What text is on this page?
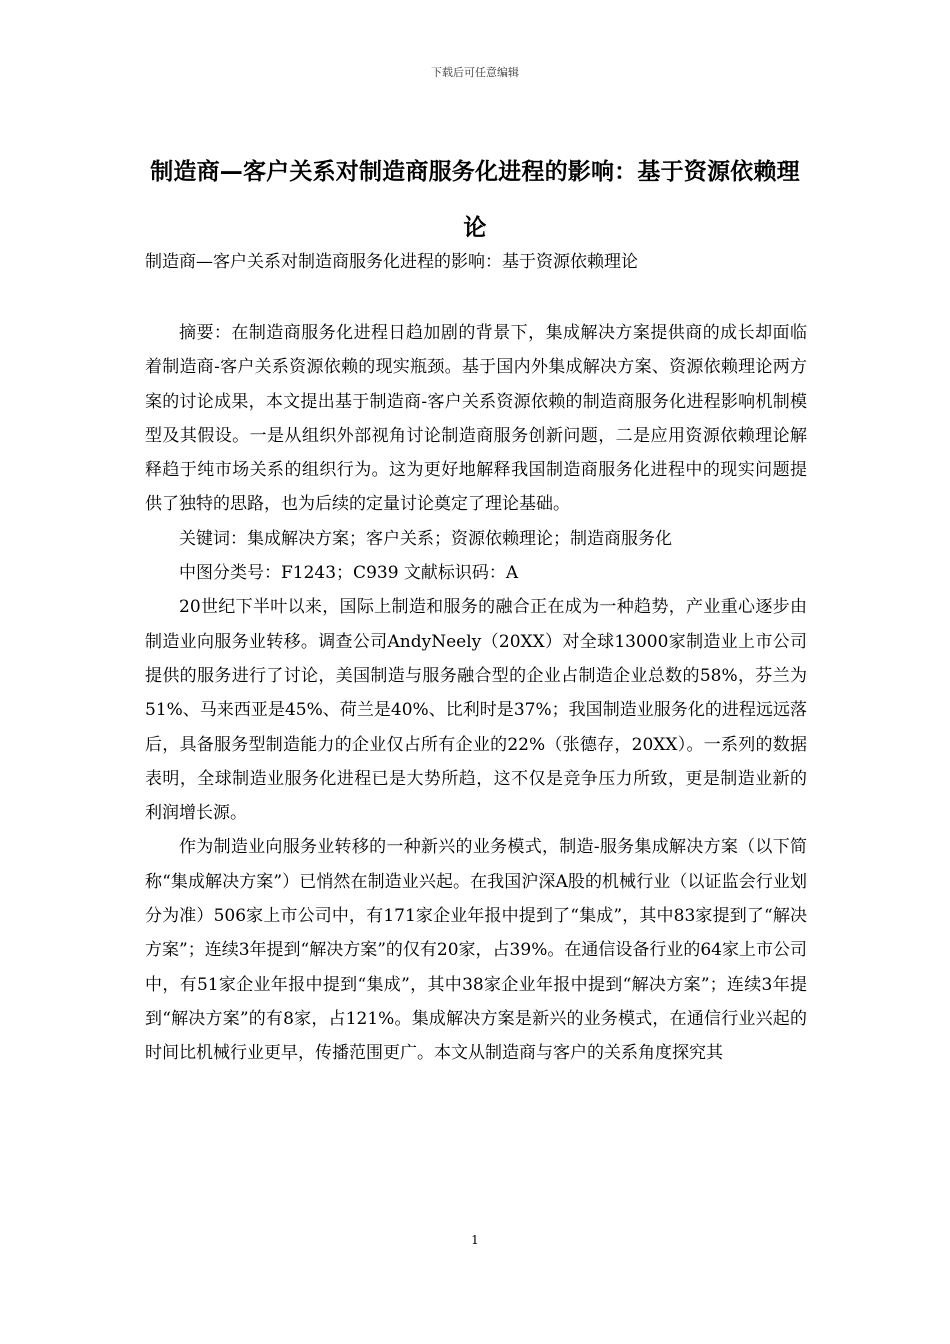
下载后可任意编辑
制造商—客户关系对制造商服务化进程的影响：基于资源依赖理论
制造商—客户关系对制造商服务化进程的影响：基于资源依赖理论

摘要：在制造商服务化进程日趋加剧的背景下，集成解决方案提供商的成长却面临着制造商-客户关系资源依赖的现实瓶颈。基于国内外集成解决方案、资源依赖理论两方案的讨论成果，本文提出基于制造商-客户关系资源依赖的制造商服务化进程影响机制模型及其假设。一是从组织外部视角讨论制造商服务创新问题，二是应用资源依赖理论解释趋于纯市场关系的组织行为。这为更好地解释我国制造商服务化进程中的现实问题提供了独特的思路，也为后续的定量讨论奠定了理论基础。

关键词：集成解决方案；客户关系；资源依赖理论；制造商服务化

中图分类号：F1243；C939 文献标识码：A

20世纪下半叶以来，国际上制造和服务的融合正在成为一种趋势，产业重心逐步由制造业向服务业转移。调查公司AndyNeely（20XX）对全球13000家制造业上市公司提供的服务进行了讨论，美国制造与服务融合型的企业占制造企业总数的58%，芬兰为51%、马来西亚是45%、荷兰是40%、比利时是37%；我国制造业服务化的进程远远落后，具备服务型制造能力的企业仅占所有企业的22%（张德存，20XX）。一系列的数据表明，全球制造业服务化进程已是大势所趋，这不仅是竞争压力所致，更是制造业新的利润增长源。

作为制造业向服务业转移的一种新兴的业务模式，制造-服务集成解决方案（以下简称“集成解决方案”）已悄然在制造业兴起。在我国沪深A股的机械行业（以证监会行业划分为准）506家上市公司中，有171家企业年报中提到了“集成”，其中83家提到了“解决方案”；连续3年提到“解决方案”的仅有20家，占39%。在通信设备行业的64家上市公司中，有51家企业年报中提到“集成”，其中38家企业年报中提到“解决方案”；连续3年提到“解决方案”的有8家，占121%。集成解决方案是新兴的业务模式，在通信行业兴起的时间比机械行业更早，传播范围更广。本文从制造商与客户的关系角度探究其

1
